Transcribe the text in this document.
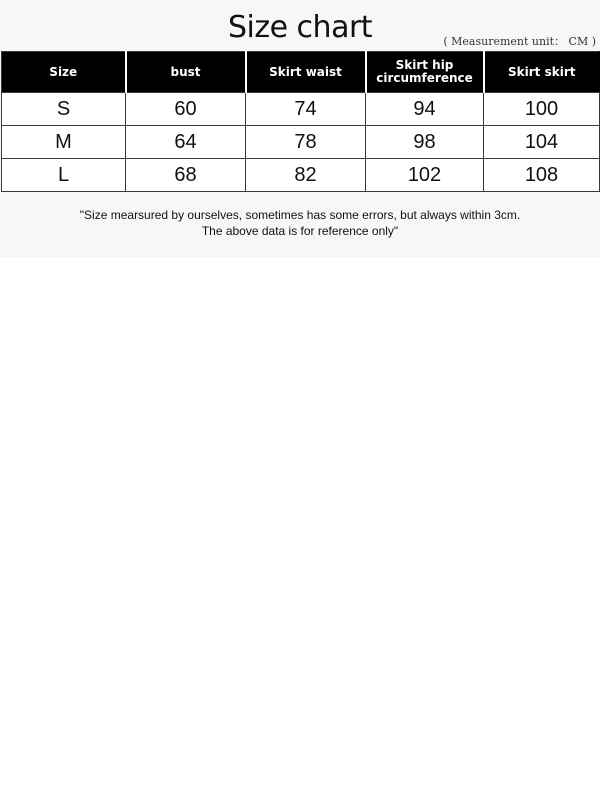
Size chart	( Measurement unit： CM )
Size	bust	Skirt waist	Skirt hip circumference	Skirt skirt
S	60	74	94	100
M	64	78	98	104
L	68	82	102	108
"Size mearsured by ourselves, sometimes has some errors, but always within 3cm.
The above data is for reference only"
